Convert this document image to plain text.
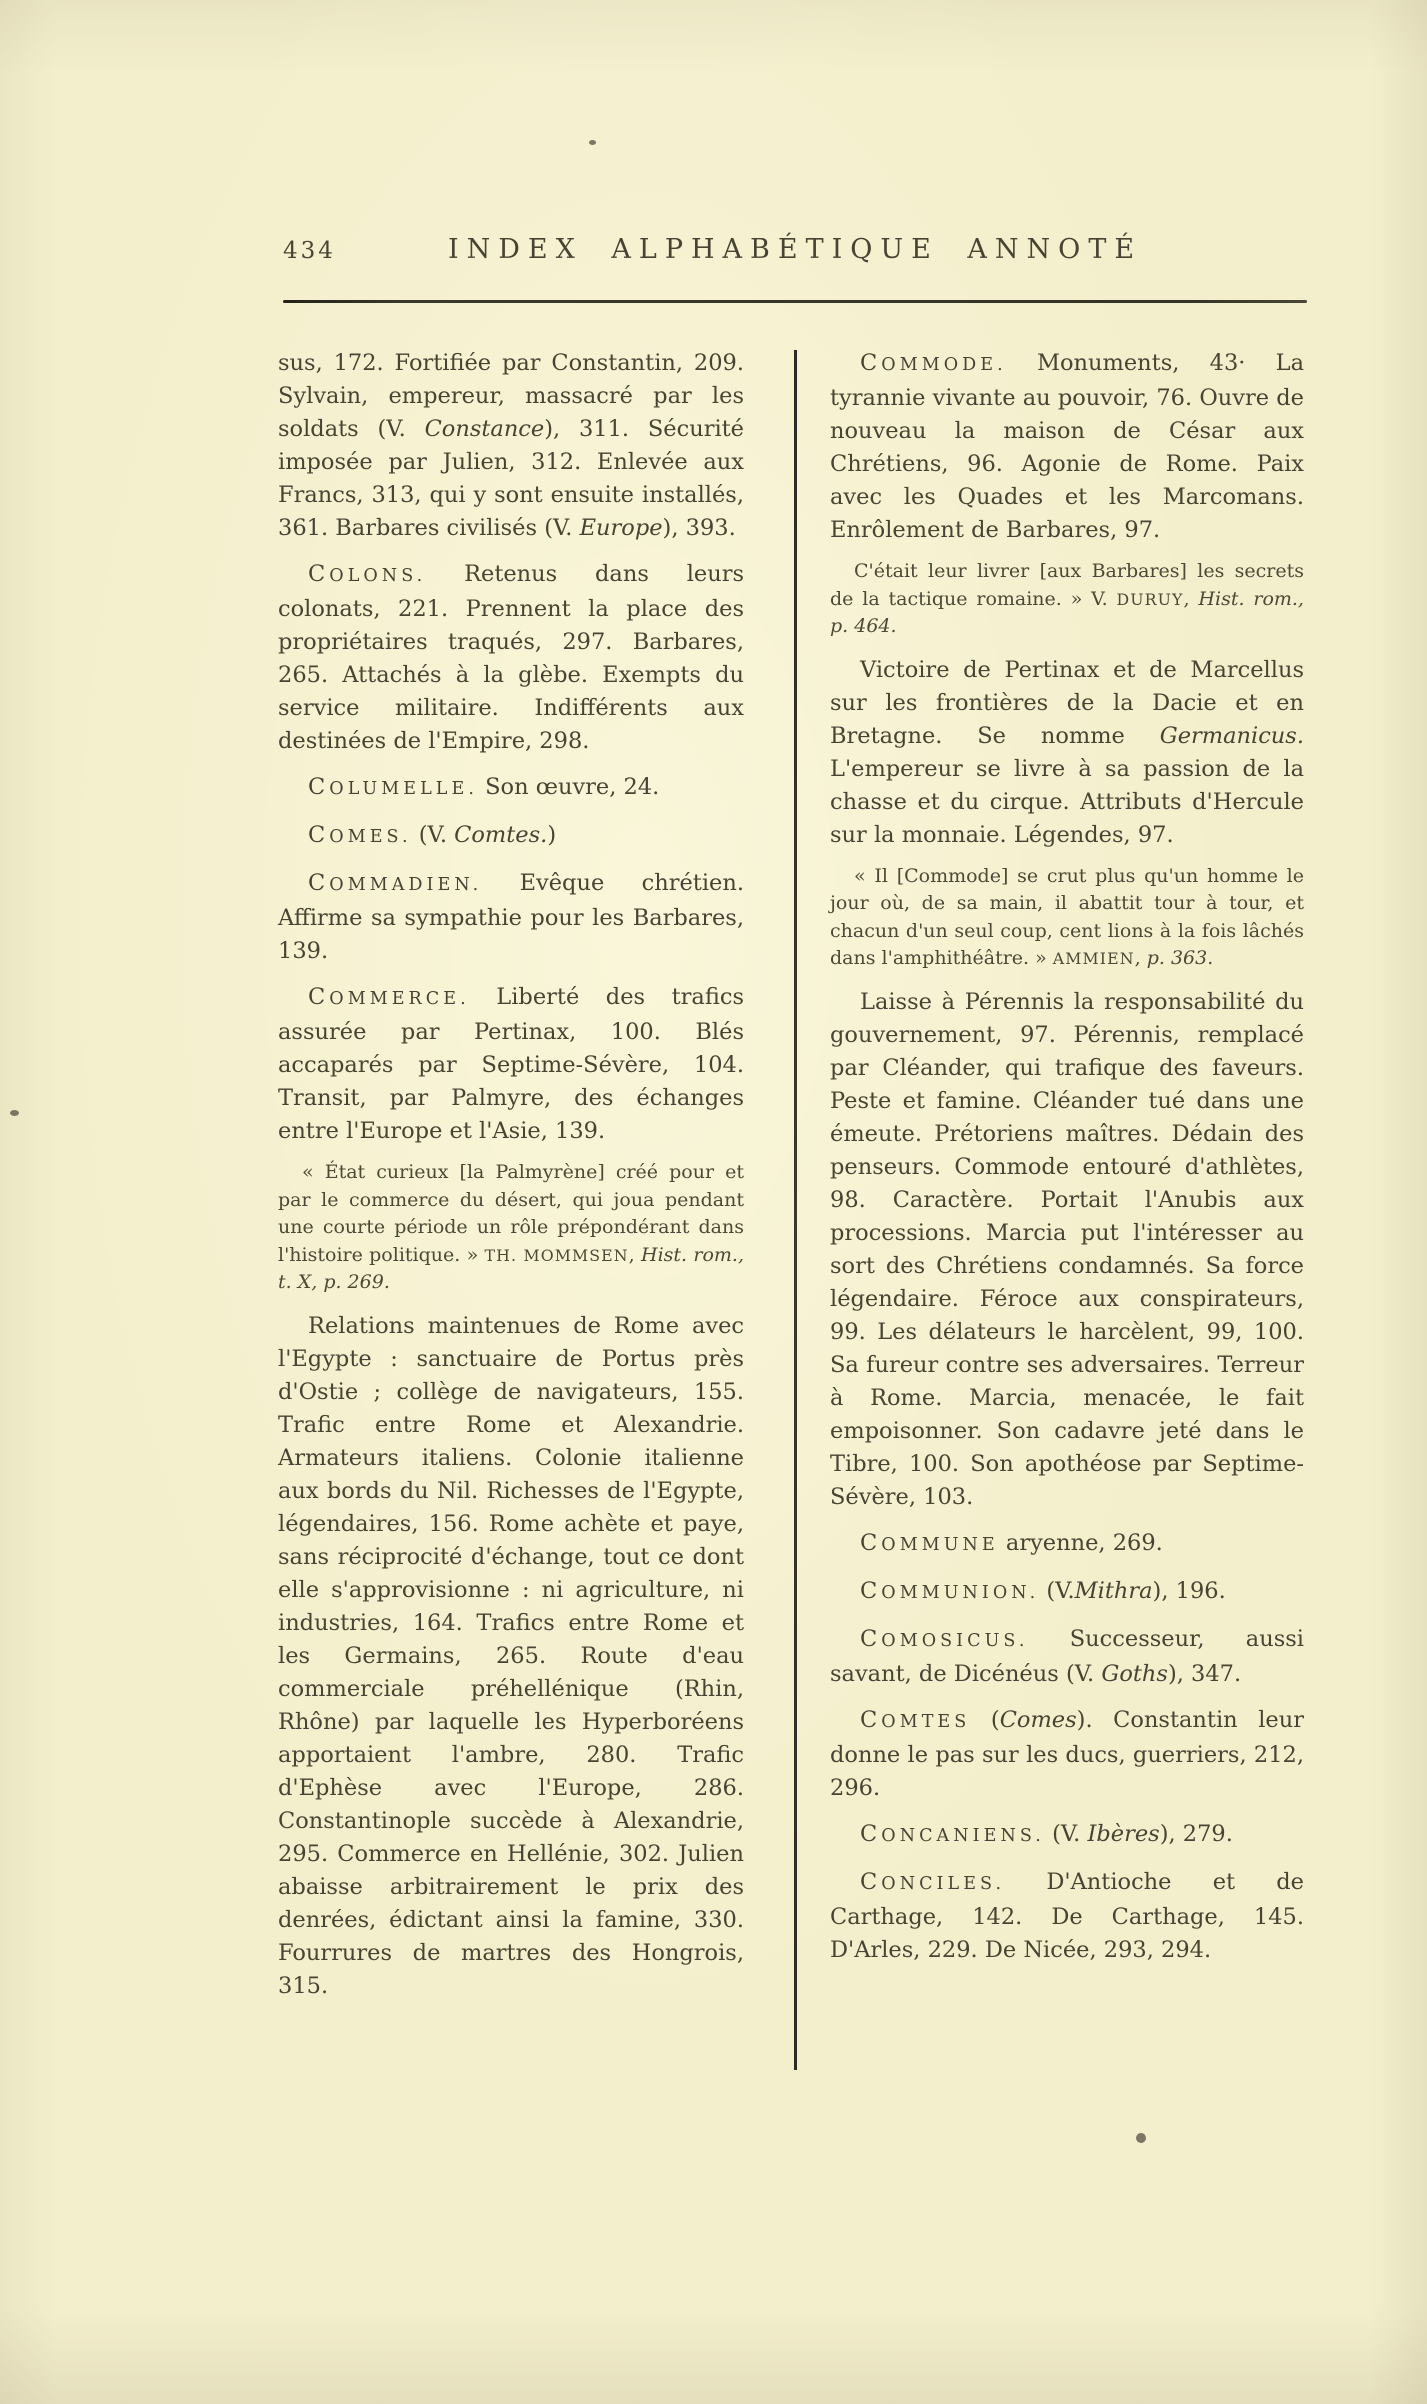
434	INDEX ALPHABÉTIQUE ANNOTÉ

sus, 172. Fortifiée par Constantin, 209. Sylvain, empereur, massacré par les soldats (V. Constance), 311. Sécurité imposée par Julien, 312. Enlevée aux Francs, 313, qui y sont ensuite installés, 361. Barbares civilisés (V. Europe), 393.

COLONS. Retenus dans leurs colonats, 221. Prennent la place des propriétaires traqués, 297. Barbares, 265. Attachés à la glèbe. Exempts du service militaire. Indifférents aux destinées de l'Empire, 298.

COLUMELLE. Son œuvre, 24.

COMES. (V. Comtes.)

COMMADIEN. Evêque chrétien. Affirme sa sympathie pour les Barbares, 139.

COMMERCE. Liberté des trafics assurée par Pertinax, 100. Blés accaparés par Septime-Sévère, 104. Transit, par Palmyre, des échanges entre l'Europe et l'Asie, 139.

« État curieux [la Palmyrène] créé pour et par le commerce du désert, qui joua pendant une courte période un rôle prépondérant dans l'histoire politique. » TH. MOMMSEN, Hist. rom., t. X, p. 269.

Relations maintenues de Rome avec l'Egypte : sanctuaire de Portus près d'Ostie ; collège de navigateurs, 155. Trafic entre Rome et Alexandrie. Armateurs italiens. Colonie italienne aux bords du Nil. Richesses de l'Egypte, légendaires, 156. Rome achète et paye, sans réciprocité d'échange, tout ce dont elle s'approvisionne : ni agriculture, ni industries, 164. Trafics entre Rome et les Germains, 265. Route d'eau commerciale préhellénique (Rhin, Rhône) par laquelle les Hyperboréens apportaient l'ambre, 280. Trafic d'Ephèse avec l'Europe, 286. Constantinople succède à Alexandrie, 295. Commerce en Hellénie, 302. Julien abaisse arbitrairement le prix des denrées, édictant ainsi la famine, 330. Fourrures de martres des Hongrois, 315.

COMMODE. Monuments, 43· La tyrannie vivante au pouvoir, 76. Ouvre de nouveau la maison de César aux Chrétiens, 96. Agonie de Rome. Paix avec les Quades et les Marcomans. Enrôlement de Barbares, 97.

C'était leur livrer [aux Barbares] les secrets de la tactique romaine. » V. DURUY, Hist. rom., p. 464.

Victoire de Pertinax et de Marcellus sur les frontières de la Dacie et en Bretagne. Se nomme Germanicus. L'empereur se livre à sa passion de la chasse et du cirque. Attributs d'Hercule sur la monnaie. Légendes, 97.

« Il [Commode] se crut plus qu'un homme le jour où, de sa main, il abattit tour à tour, et chacun d'un seul coup, cent lions à la fois lâchés dans l'amphithéâtre. » AMMIEN, p. 363.

Laisse à Pérennis la responsabilité du gouvernement, 97. Pérennis, remplacé par Cléander, qui trafique des faveurs. Peste et famine. Cléander tué dans une émeute. Prétoriens maîtres. Dédain des penseurs. Commode entouré d'athlètes, 98. Caractère. Portait l'Anubis aux processions. Marcia put l'intéresser au sort des Chrétiens condamnés. Sa force légendaire. Féroce aux conspirateurs, 99. Les délateurs le harcèlent, 99, 100. Sa fureur contre ses adversaires. Terreur à Rome. Marcia, menacée, le fait empoisonner. Son cadavre jeté dans le Tibre, 100. Son apothéose par Septime-Sévère, 103.

COMMUNE aryenne, 269.

COMMUNION. (V.Mithra), 196.

COMOSICUS. Successeur, aussi savant, de Dicénéus (V. Goths), 347.

COMTES (Comes). Constantin leur donne le pas sur les ducs, guerriers, 212, 296.

CONCANIENS. (V. Ibères), 279.

CONCILES. D'Antioche et de Carthage, 142. De Carthage, 145. D'Arles, 229. De Nicée, 293, 294.
